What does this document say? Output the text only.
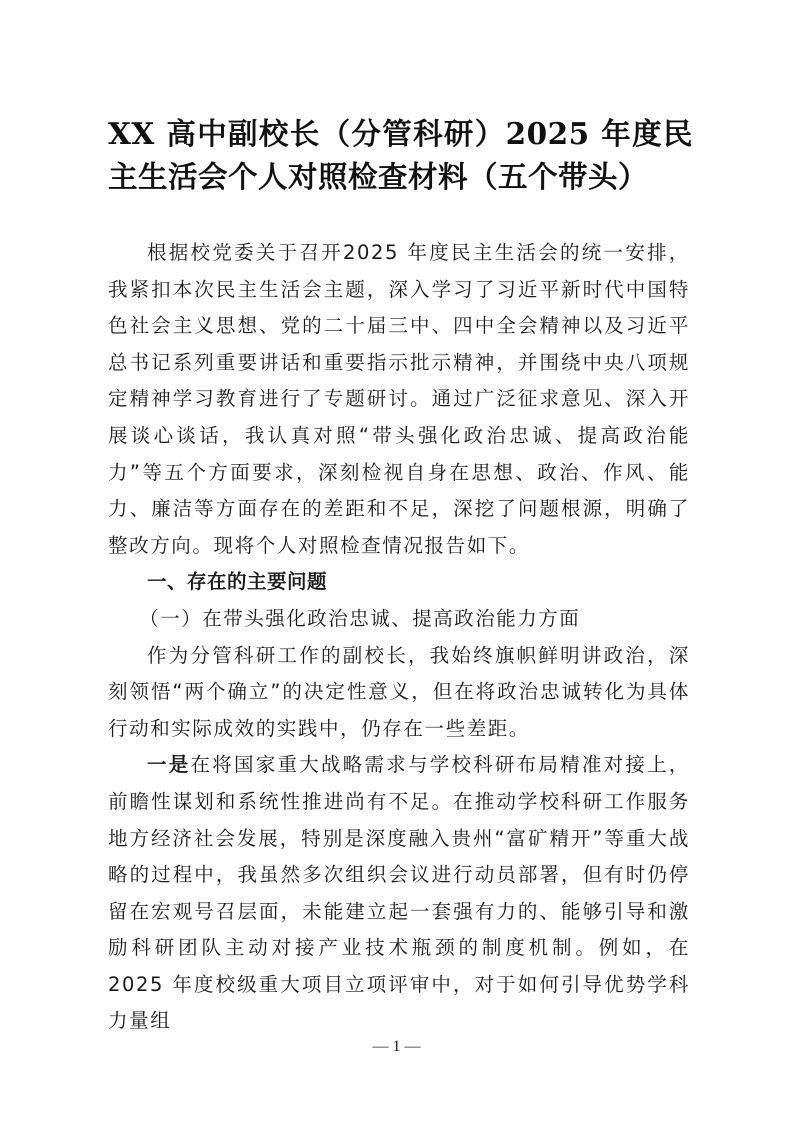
XX 高中副校长（分管科研）2025 年度民主生活会个人对照检查材料（五个带头）

根据校党委关于召开2025 年度民主生活会的统一安排，我紧扣本次民主生活会主题，深入学习了习近平新时代中国特色社会主义思想、党的二十届三中、四中全会精神以及习近平总书记系列重要讲话和重要指示批示精神，并围绕中央八项规定精神学习教育进行了专题研讨。通过广泛征求意见、深入开展谈心谈话，我认真对照“带头强化政治忠诚、提高政治能力”等五个方面要求，深刻检视自身在思想、政治、作风、能力、廉洁等方面存在的差距和不足，深挖了问题根源，明确了整改方向。现将个人对照检查情况报告如下。

一、存在的主要问题

（一）在带头强化政治忠诚、提高政治能力方面

作为分管科研工作的副校长，我始终旗帜鲜明讲政治，深刻领悟“两个确立”的决定性意义，但在将政治忠诚转化为具体行动和实际成效的实践中，仍存在一些差距。

一是在将国家重大战略需求与学校科研布局精准对接上，前瞻性谋划和系统性推进尚有不足。在推动学校科研工作服务地方经济社会发展，特别是深度融入贵州“富矿精开”等重大战略的过程中，我虽然多次组织会议进行动员部署，但有时仍停留在宏观号召层面，未能建立起一套强有力的、能够引导和激励科研团队主动对接产业技术瓶颈的制度机制。例如，在2025 年度校级重大项目立项评审中，对于如何引导优势学科力量组

— 1 —
